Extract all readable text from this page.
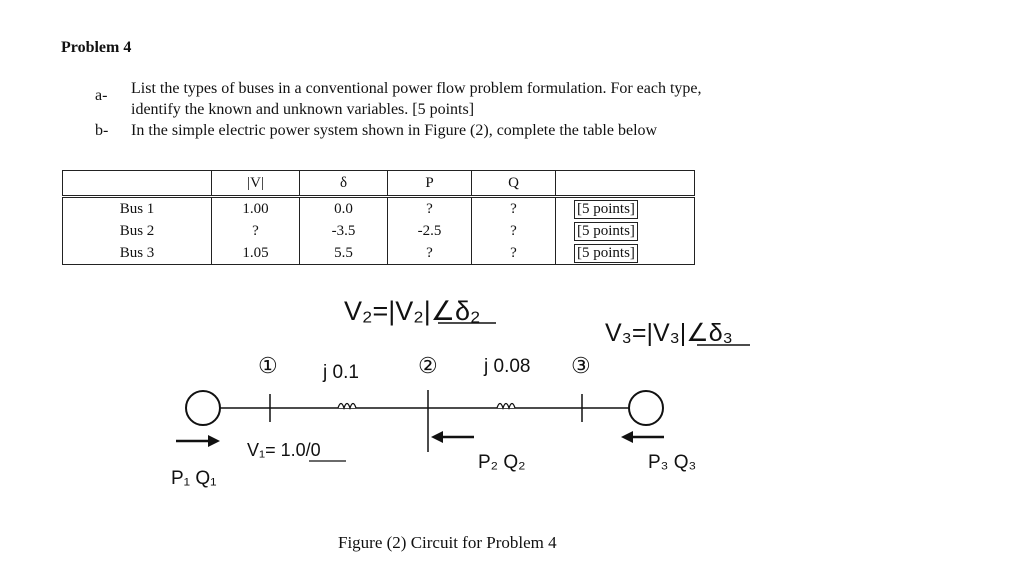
Problem 4
a- List the types of buses in a conventional power flow problem formulation. For each type,
identify the known and unknown variables. [5 points]
b- In the simple electric power system shown in Figure (2), complete the table below
	|V|	δ	P	Q	
Bus 1	1.00	0.0	?	?	[5 points]
Bus 2	?	-3.5	-2.5	?	[5 points]
Bus 3	1.05	5.5	?	?	[5 points]
V₂=|V₂|∠δ₂
V₃=|V₃|∠δ₃
①	②	③
j 0.1	j 0.08
V₁= 1.0/0
P₁ Q₁
P₂ Q₂	P₃ Q₃
Figure (2) Circuit for Problem 4
